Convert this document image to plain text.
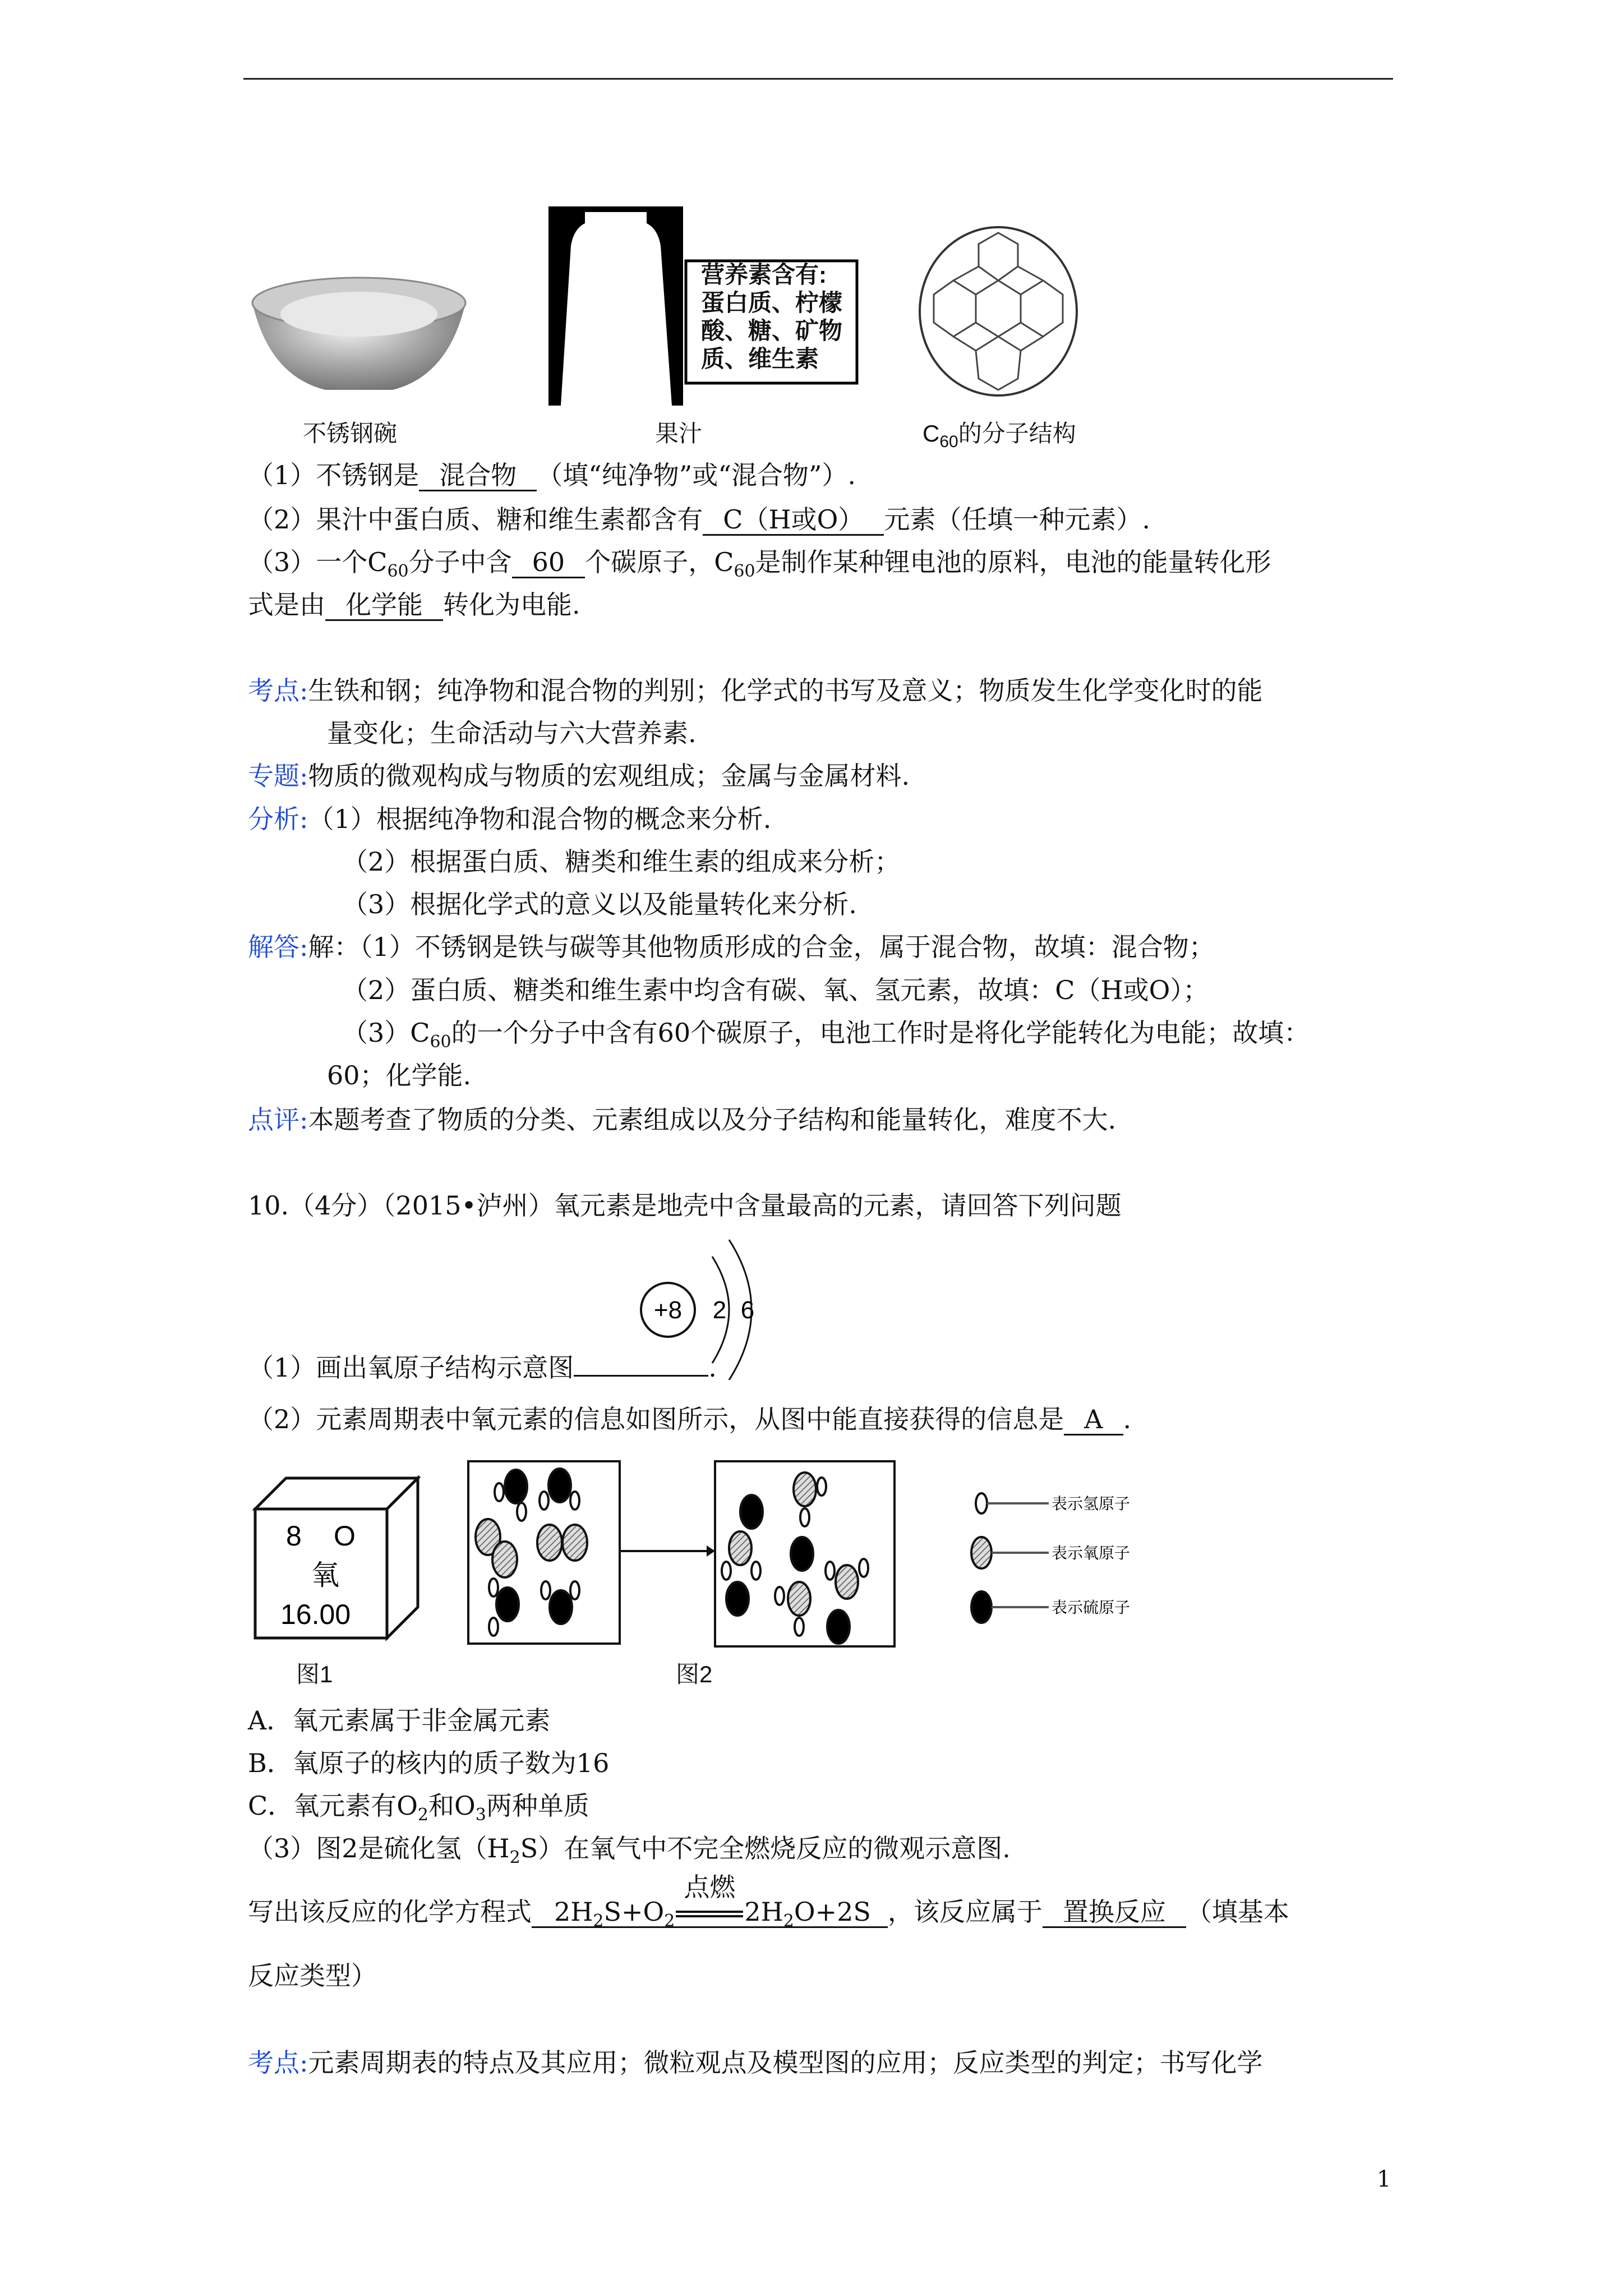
营养素含有:
蛋白质、柠檬
酸、糖、矿物
质、维生素
不锈钢碗	果汁	$C_{60}$的分子结构
（1）不锈钢是 混合物 （填“纯净物”或“混合物”）.
（2）果汁中蛋白质、糖和维生素都含有 C（H或O） 元素（任填一种元素）.
（3）一个$C_{60}$分子中含 60 个碳原子，$C_{60}$是制作某种锂电池的原料，电池的能量转化形
式是由 化学能 转化为电能.
考点:生铁和钢；纯净物和混合物的判别；化学式的书写及意义；物质发生化学变化时的能
量变化；生命活动与六大营养素.
专题:物质的微观构成与物质的宏观组成；金属与金属材料.
分析:（1）根据纯净物和混合物的概念来分析.
（2）根据蛋白质、糖类和维生素的组成来分析；
（3）根据化学式的意义以及能量转化来分析.
解答:解：（1）不锈钢是铁与碳等其他物质形成的合金，属于混合物，故填：混合物；
（2）蛋白质、糖类和维生素中均含有碳、氧、氢元素，故填：C（H或O）；
$(3)C_{60}$的一个分子中含有60个碳原子，电池工作时是将化学能转化为电能；故填：
60；化学能.
点评:本题考查了物质的分类、元素组成以及分子结构和能量转化，难度不大.
10.（4分）（2015•泸州）氧元素是地壳中含量最高的元素，请回答下列问题
+8 2 6
（1）画出氧原子结构示意图	.
（2）元素周期表中氧元素的信息如图所示，从图中能直接获得的信息是 A .
8 O
氧
16.00
表示氢原子
表示氧原子
表示硫原子
图1	图2
A．氧元素属于非金属元素
B．氧原子的核内的质子数为16
C．氧元素有$O_2$和$O_3$两种单质
（3）图2是硫化氢$(H_2S)$在氧气中不完全燃烧反应的微观示意图.
写出该反应的化学方程式 $2H_2S+O_2$
点燃
$2H_2O+2S$ ，该反应属于 置换反应 （填基本
反应类型）
考点:元素周期表的特点及其应用；微粒观点及模型图的应用；反应类型的判定；书写化学
1
